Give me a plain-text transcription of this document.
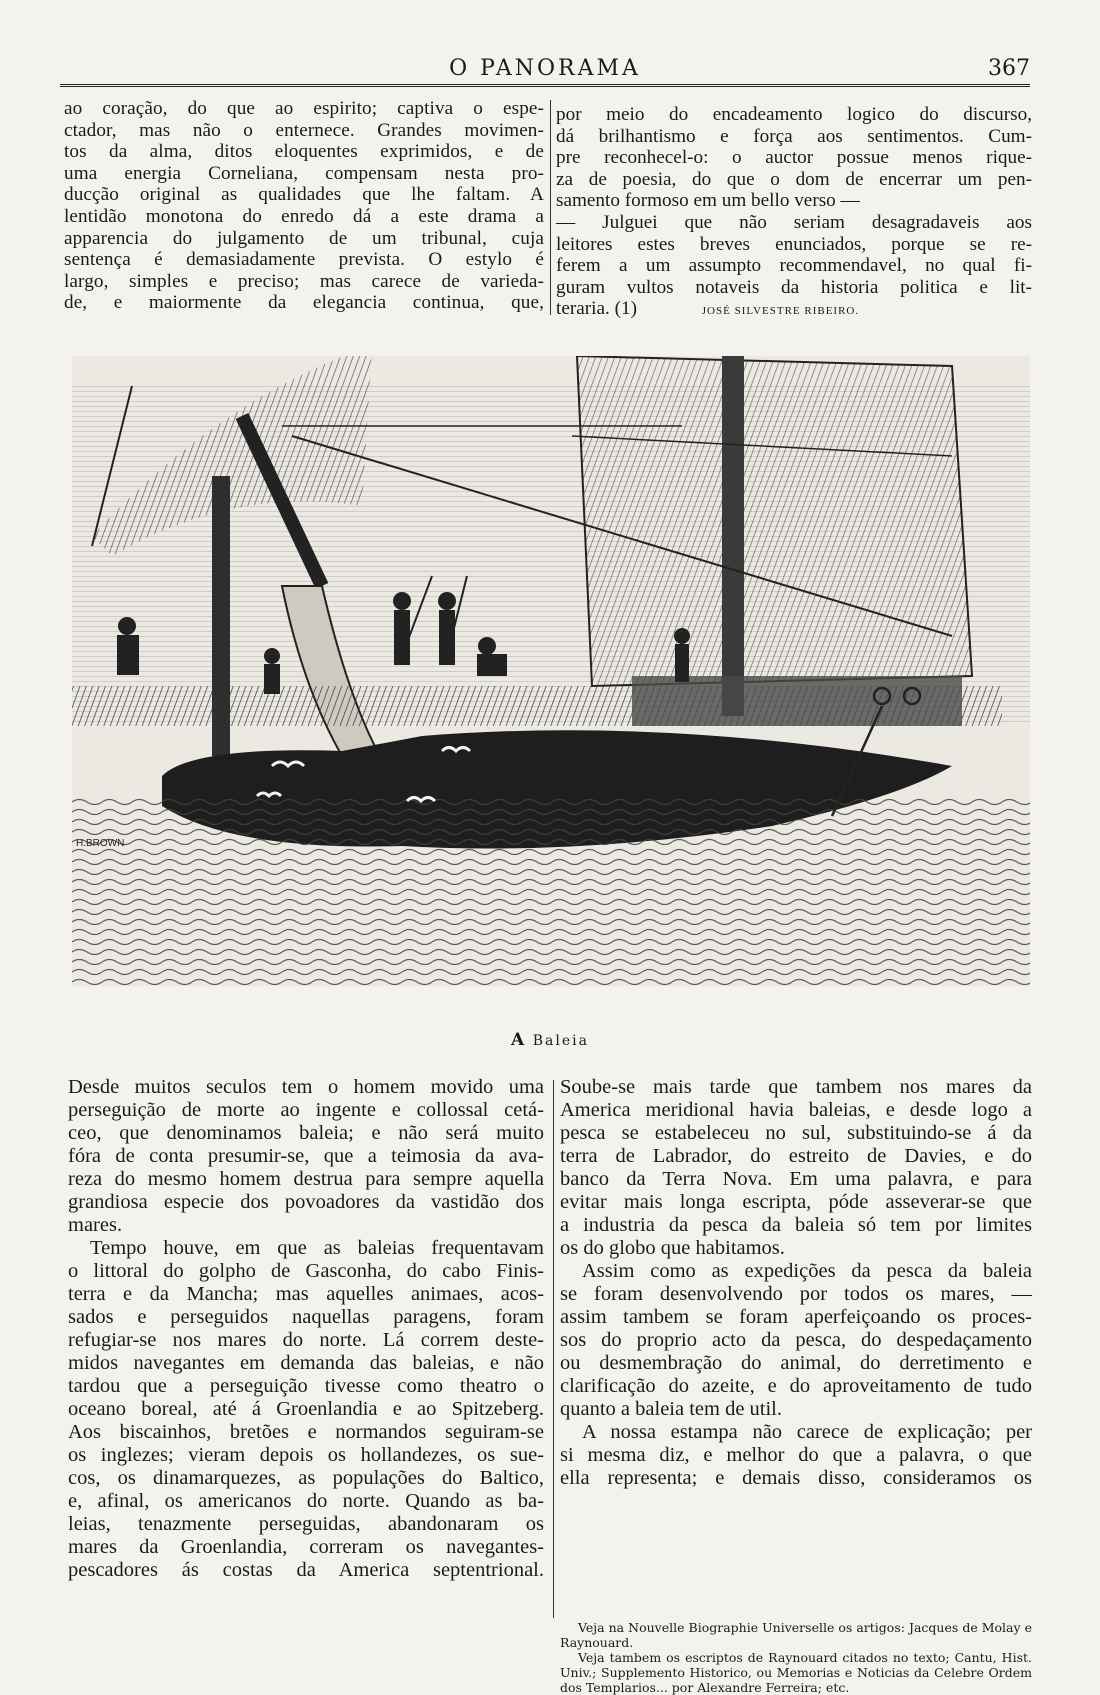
O PANORAMA	367
ao coração, do que ao espirito; captiva o espe-
ctador, mas não o enternece. Grandes movimen-
tos da alma, ditos eloquentes exprimidos, e de
uma energia Corneliana, compensam nesta pro-
ducção original as qualidades que lhe faltam. A
lentidão monotona do enredo dá a este drama a
apparencia do julgamento de um tribunal, cuja
sentença é demasiadamente prevista. O estylo é
largo, simples e preciso; mas carece de varieda-
de, e maiormente da elegancia continua, que,
por meio do encadeamento logico do discurso,
dá brilhantismo e força aos sentimentos. Cum-
pre reconhecel-o: o auctor possue menos rique-
za de poesia, do que o dom de encerrar um pen-
samento formoso em um bello verso —
— Julguei que não seriam desagradaveis aos
leitores estes breves enunciados, porque se re-
ferem a um assumpto recommendavel, no qual fi-
guram vultos notaveis da historia politica e lit-
teraria. (1)	JOSÉ SILVESTRE RIBEIRO.
H.BROWN
A Baleia
Desde muitos seculos tem o homem movido uma
perseguição de morte ao ingente e collossal cetá-
ceo, que denominamos baleia; e não será muito
fóra de conta presumir-se, que a teimosia da ava-
reza do mesmo homem destrua para sempre aquella
grandiosa especie dos povoadores da vastidão dos
mares.
Tempo houve, em que as baleias frequentavam
o littoral do golpho de Gasconha, do cabo Finis-
terra e da Mancha; mas aquelles animaes, acos-
sados e perseguidos naquellas paragens, foram
refugiar-se nos mares do norte. Lá correm deste-
midos navegantes em demanda das baleias, e não
tardou que a perseguição tivesse como theatro o
oceano boreal, até á Groenlandia e ao Spitzeberg.
Aos biscainhos, bretões e normandos seguiram-se
os inglezes; vieram depois os hollandezes, os sue-
cos, os dinamarquezes, as populações do Baltico,
e, afinal, os americanos do norte. Quando as ba-
leias, tenazmente perseguidas, abandonaram os
mares da Groenlandia, correram os navegantes-
pescadores ás costas da America septentrional.
Soube-se mais tarde que tambem nos mares da
America meridional havia baleias, e desde logo a
pesca se estabeleceu no sul, substituindo-se á da
terra de Labrador, do estreito de Davies, e do
banco da Terra Nova. Em uma palavra, e para
evitar mais longa escripta, póde asseverar-se que
a industria da pesca da baleia só tem por limites
os do globo que habitamos.
Assim como as expedições da pesca da baleia
se foram desenvolvendo por todos os mares, —
assim tambem se foram aperfeiçoando os proces-
sos do proprio acto da pesca, do despedaçamento
ou desmembração do animal, do derretimento e
clarificação do azeite, e do aproveitamento de tudo
quanto a baleia tem de util.
A nossa estampa não carece de explicação; per
si mesma diz, e melhor do que a palavra, o que
ella representa; e demais disso, consideramos os

Veja na Nouvelle Biographie Universelle os artigos: Jacques de Molay e Raynouard.

Veja tambem os escriptos de Raynouard citados no texto; Cantu, Hist. Univ.; Supplemento Historico, ou Memorias e Noticias da Celebre Ordem dos Templarios... por Alexandre Ferreira; etc.
